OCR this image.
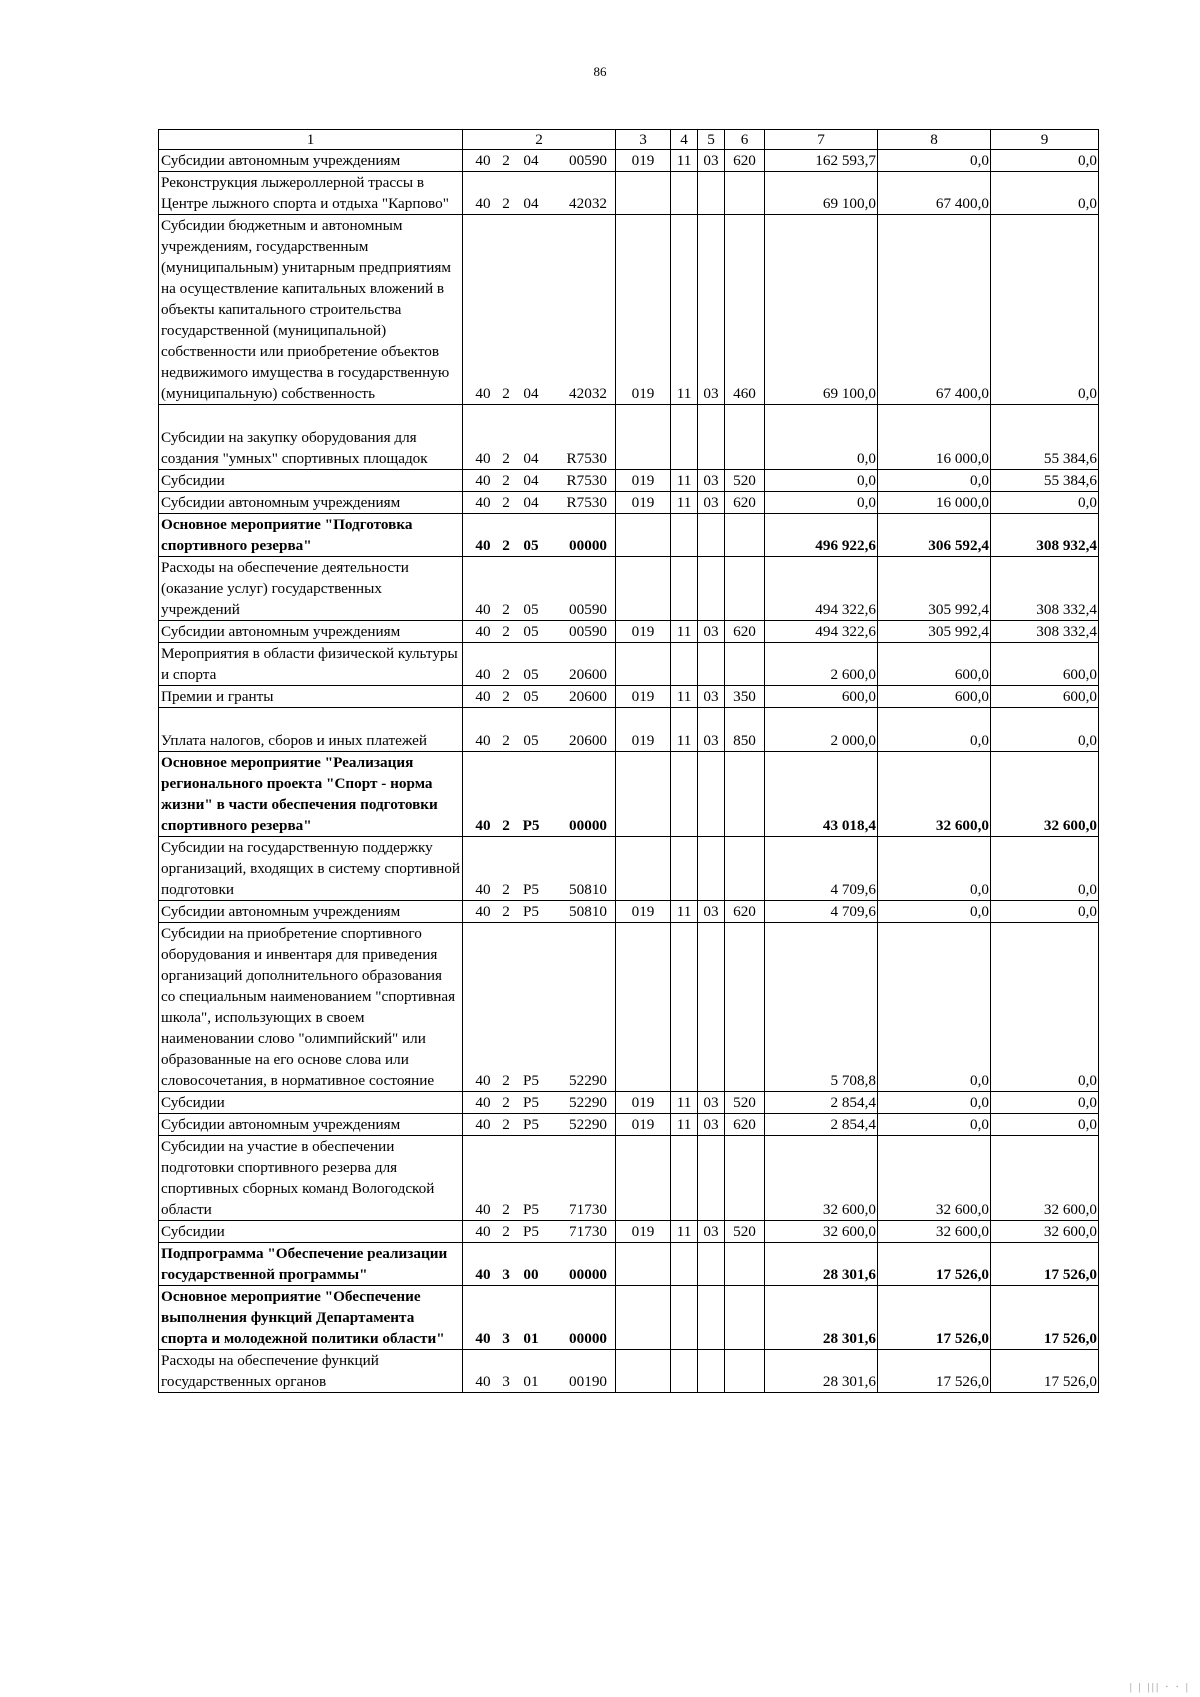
86
1	2	3	4	5	6	7	8	9
Субсидии автономным учреждениям	40 2 04 00590	019	11	03	620	162 593,7	0,0	0,0
Реконструкция лыжероллерной трассы в Центре лыжного спорта и отдыха "Карпово"	40 2 04 42032					69 100,0	67 400,0	0,0
Субсидии бюджетным и автономным учреждениям, государственным (муниципальным) унитарным предприятиям на осуществление капитальных вложений в объекты капитального строительства государственной (муниципальной) собственности или приобретение объектов недвижимого имущества в государственную (муниципальную) собственность	40 2 04 42032	019	11	03	460	69 100,0	67 400,0	0,0
Субсидии на закупку оборудования для создания "умных" спортивных площадок	40 2 04 R7530					0,0	16 000,0	55 384,6
Субсидии	40 2 04 R7530	019	11	03	520	0,0	0,0	55 384,6
Субсидии автономным учреждениям	40 2 04 R7530	019	11	03	620	0,0	16 000,0	0,0
Основное мероприятие "Подготовка спортивного резерва"	40 2 05 00000					496 922,6	306 592,4	308 932,4
Расходы на обеспечение деятельности (оказание услуг) государственных учреждений	40 2 05 00590					494 322,6	305 992,4	308 332,4
Субсидии автономным учреждениям	40 2 05 00590	019	11	03	620	494 322,6	305 992,4	308 332,4
Мероприятия в области физической культуры и спорта	40 2 05 20600					2 600,0	600,0	600,0
Премии и гранты	40 2 05 20600	019	11	03	350	600,0	600,0	600,0
Уплата налогов, сборов и иных платежей	40 2 05 20600	019	11	03	850	2 000,0	0,0	0,0
Основное мероприятие "Реализация регионального проекта "Спорт - норма жизни" в части обеспечения подготовки спортивного резерва"	40 2 P5 00000					43 018,4	32 600,0	32 600,0
Субсидии на государственную поддержку организаций, входящих в систему спортивной подготовки	40 2 P5 50810					4 709,6	0,0	0,0
Субсидии автономным учреждениям	40 2 P5 50810	019	11	03	620	4 709,6	0,0	0,0
Субсидии на приобретение спортивного оборудования и инвентаря для приведения организаций дополнительного образования со специальным наименованием "спортивная школа", использующих в своем наименовании слово "олимпийский" или образованные на его основе слова или словосочетания, в нормативное состояние	40 2 P5 52290					5 708,8	0,0	0,0
Субсидии	40 2 P5 52290	019	11	03	520	2 854,4	0,0	0,0
Субсидии автономным учреждениям	40 2 P5 52290	019	11	03	620	2 854,4	0,0	0,0
Субсидии на участие в обеспечении подготовки спортивного резерва для спортивных сборных команд Вологодской области	40 2 P5 71730					32 600,0	32 600,0	32 600,0
Субсидии	40 2 P5 71730	019	11	03	520	32 600,0	32 600,0	32 600,0
Подпрограмма "Обеспечение реализации государственной программы"	40 3 00 00000					28 301,6	17 526,0	17 526,0
Основное мероприятие "Обеспечение выполнения функций Департамента спорта и молодежной политики области"	40 3 01 00000					28 301,6	17 526,0	17 526,0
Расходы на обеспечение функций государственных органов	40 3 01 00190					28 301,6	17 526,0	17 526,0
| | ||| · · |
